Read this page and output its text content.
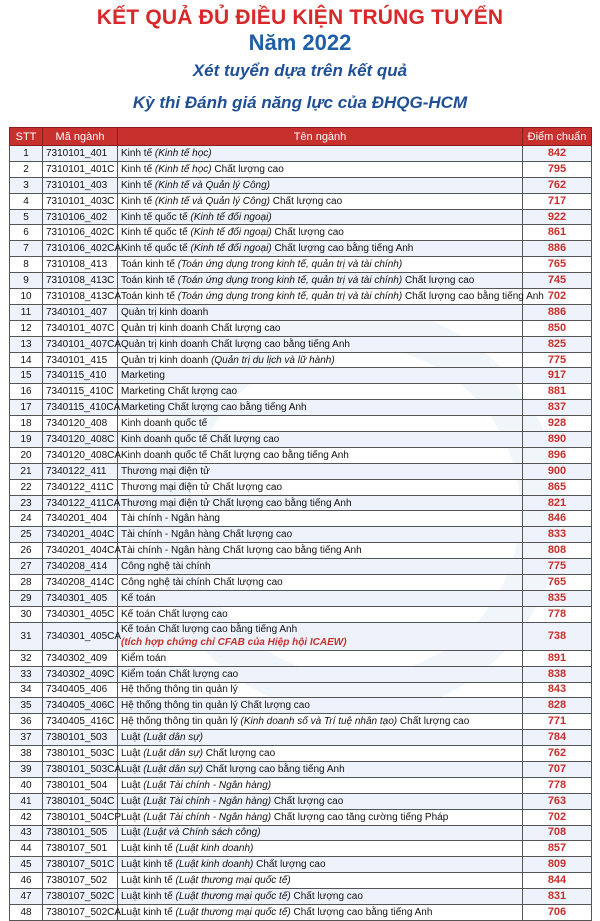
KẾT QUẢ ĐỦ ĐIỀU KIỆN TRÚNG TUYỂN
Năm 2022
Xét tuyển dựa trên kết quả
Kỳ thi Đánh giá năng lực của ĐHQG-HCM
STT	Mã ngành	Tên ngành	Điểm chuẩn
1	7310101_401	Kinh tế (Kinh tế học)	842
2	7310101_401C	Kinh tế (Kinh tế học) Chất lượng cao	795
3	7310101_403	Kinh tế (Kinh tế và Quản lý Công)	762
4	7310101_403C	Kinh tế (Kinh tế và Quản lý Công) Chất lượng cao	717
5	7310106_402	Kinh tế quốc tế (Kinh tế đối ngoại)	922
6	7310106_402C	Kinh tế quốc tế (Kinh tế đối ngoại) Chất lượng cao	861
7	7310106_402CA	Kinh tế quốc tế (Kinh tế đối ngoại) Chất lượng cao bằng tiếng Anh	886
8	7310108_413	Toán kinh tế (Toán ứng dụng trong kinh tế, quản trị và tài chính)	765
9	7310108_413C	Toán kinh tế (Toán ứng dụng trong kinh tế, quản trị và tài chính) Chất lượng cao	745
10	7310108_413CA	Toán kinh tế (Toán ứng dụng trong kinh tế, quản trị và tài chính) Chất lượng cao bằng tiếng Anh	702
11	7340101_407	Quản trị kinh doanh	886
12	7340101_407C	Quản trị kinh doanh Chất lượng cao	850
13	7340101_407CA	Quản trị kinh doanh Chất lượng cao bằng tiếng Anh	825
14	7340101_415	Quản trị kinh doanh (Quản trị du lịch và lữ hành)	775
15	7340115_410	Marketing	917
16	7340115_410C	Marketing Chất lượng cao	881
17	7340115_410CA	Marketing Chất lượng cao bằng tiếng Anh	837
18	7340120_408	Kinh doanh quốc tế	928
19	7340120_408C	Kinh doanh quốc tế Chất lượng cao	890
20	7340120_408CA	Kinh doanh quốc tế Chất lượng cao bằng tiếng Anh	896
21	7340122_411	Thương mại điện tử	900
22	7340122_411C	Thương mại điện tử Chất lượng cao	865
23	7340122_411CA	Thương mại điện tử Chất lượng cao bằng tiếng Anh	821
24	7340201_404	Tài chính - Ngân hàng	846
25	7340201_404C	Tài chính - Ngân hàng Chất lượng cao	833
26	7340201_404CA	Tài chính - Ngân hàng Chất lượng cao bằng tiếng Anh	808
27	7340208_414	Công nghệ tài chính	775
28	7340208_414C	Công nghệ tài chính Chất lượng cao	765
29	7340301_405	Kế toán	835
30	7340301_405C	Kế toán Chất lượng cao	778
31	7340301_405CA	Kế toán Chất lượng cao bằng tiếng Anh
(tích hợp chứng chỉ CFAB của Hiệp hội ICAEW)	738
32	7340302_409	Kiểm toán	891
33	7340302_409C	Kiểm toán Chất lượng cao	838
34	7340405_406	Hệ thống thông tin quản lý	843
35	7340405_406C	Hệ thống thông tin quản lý Chất lượng cao	828
36	7340405_416C	Hệ thống thông tin quản lý (Kinh doanh số và Trí tuệ nhân tạo) Chất lượng cao	771
37	7380101_503	Luật (Luật dân sự)	784
38	7380101_503C	Luật (Luật dân sự) Chất lượng cao	762
39	7380101_503CA	Luật (Luật dân sự) Chất lượng cao bằng tiếng Anh	707
40	7380101_504	Luật (Luật Tài chính - Ngân hàng)	778
41	7380101_504C	Luật (Luật Tài chính - Ngân hàng) Chất lượng cao	763
42	7380101_504CP	Luật (Luật Tài chính - Ngân hàng) Chất lượng cao tăng cường tiếng Pháp	702
43	7380101_505	Luật (Luật và Chính sách công)	708
44	7380107_501	Luật kinh tế (Luật kinh doanh)	857
45	7380107_501C	Luật kinh tế (Luật kinh doanh) Chất lượng cao	809
46	7380107_502	Luật kinh tế (Luật thương mại quốc tế)	844
47	7380107_502C	Luật kinh tế (Luật thương mại quốc tế) Chất lượng cao	831
48	7380107_502CA	Luật kinh tế (Luật thương mại quốc tế) Chất lượng cao bằng tiếng Anh	706
